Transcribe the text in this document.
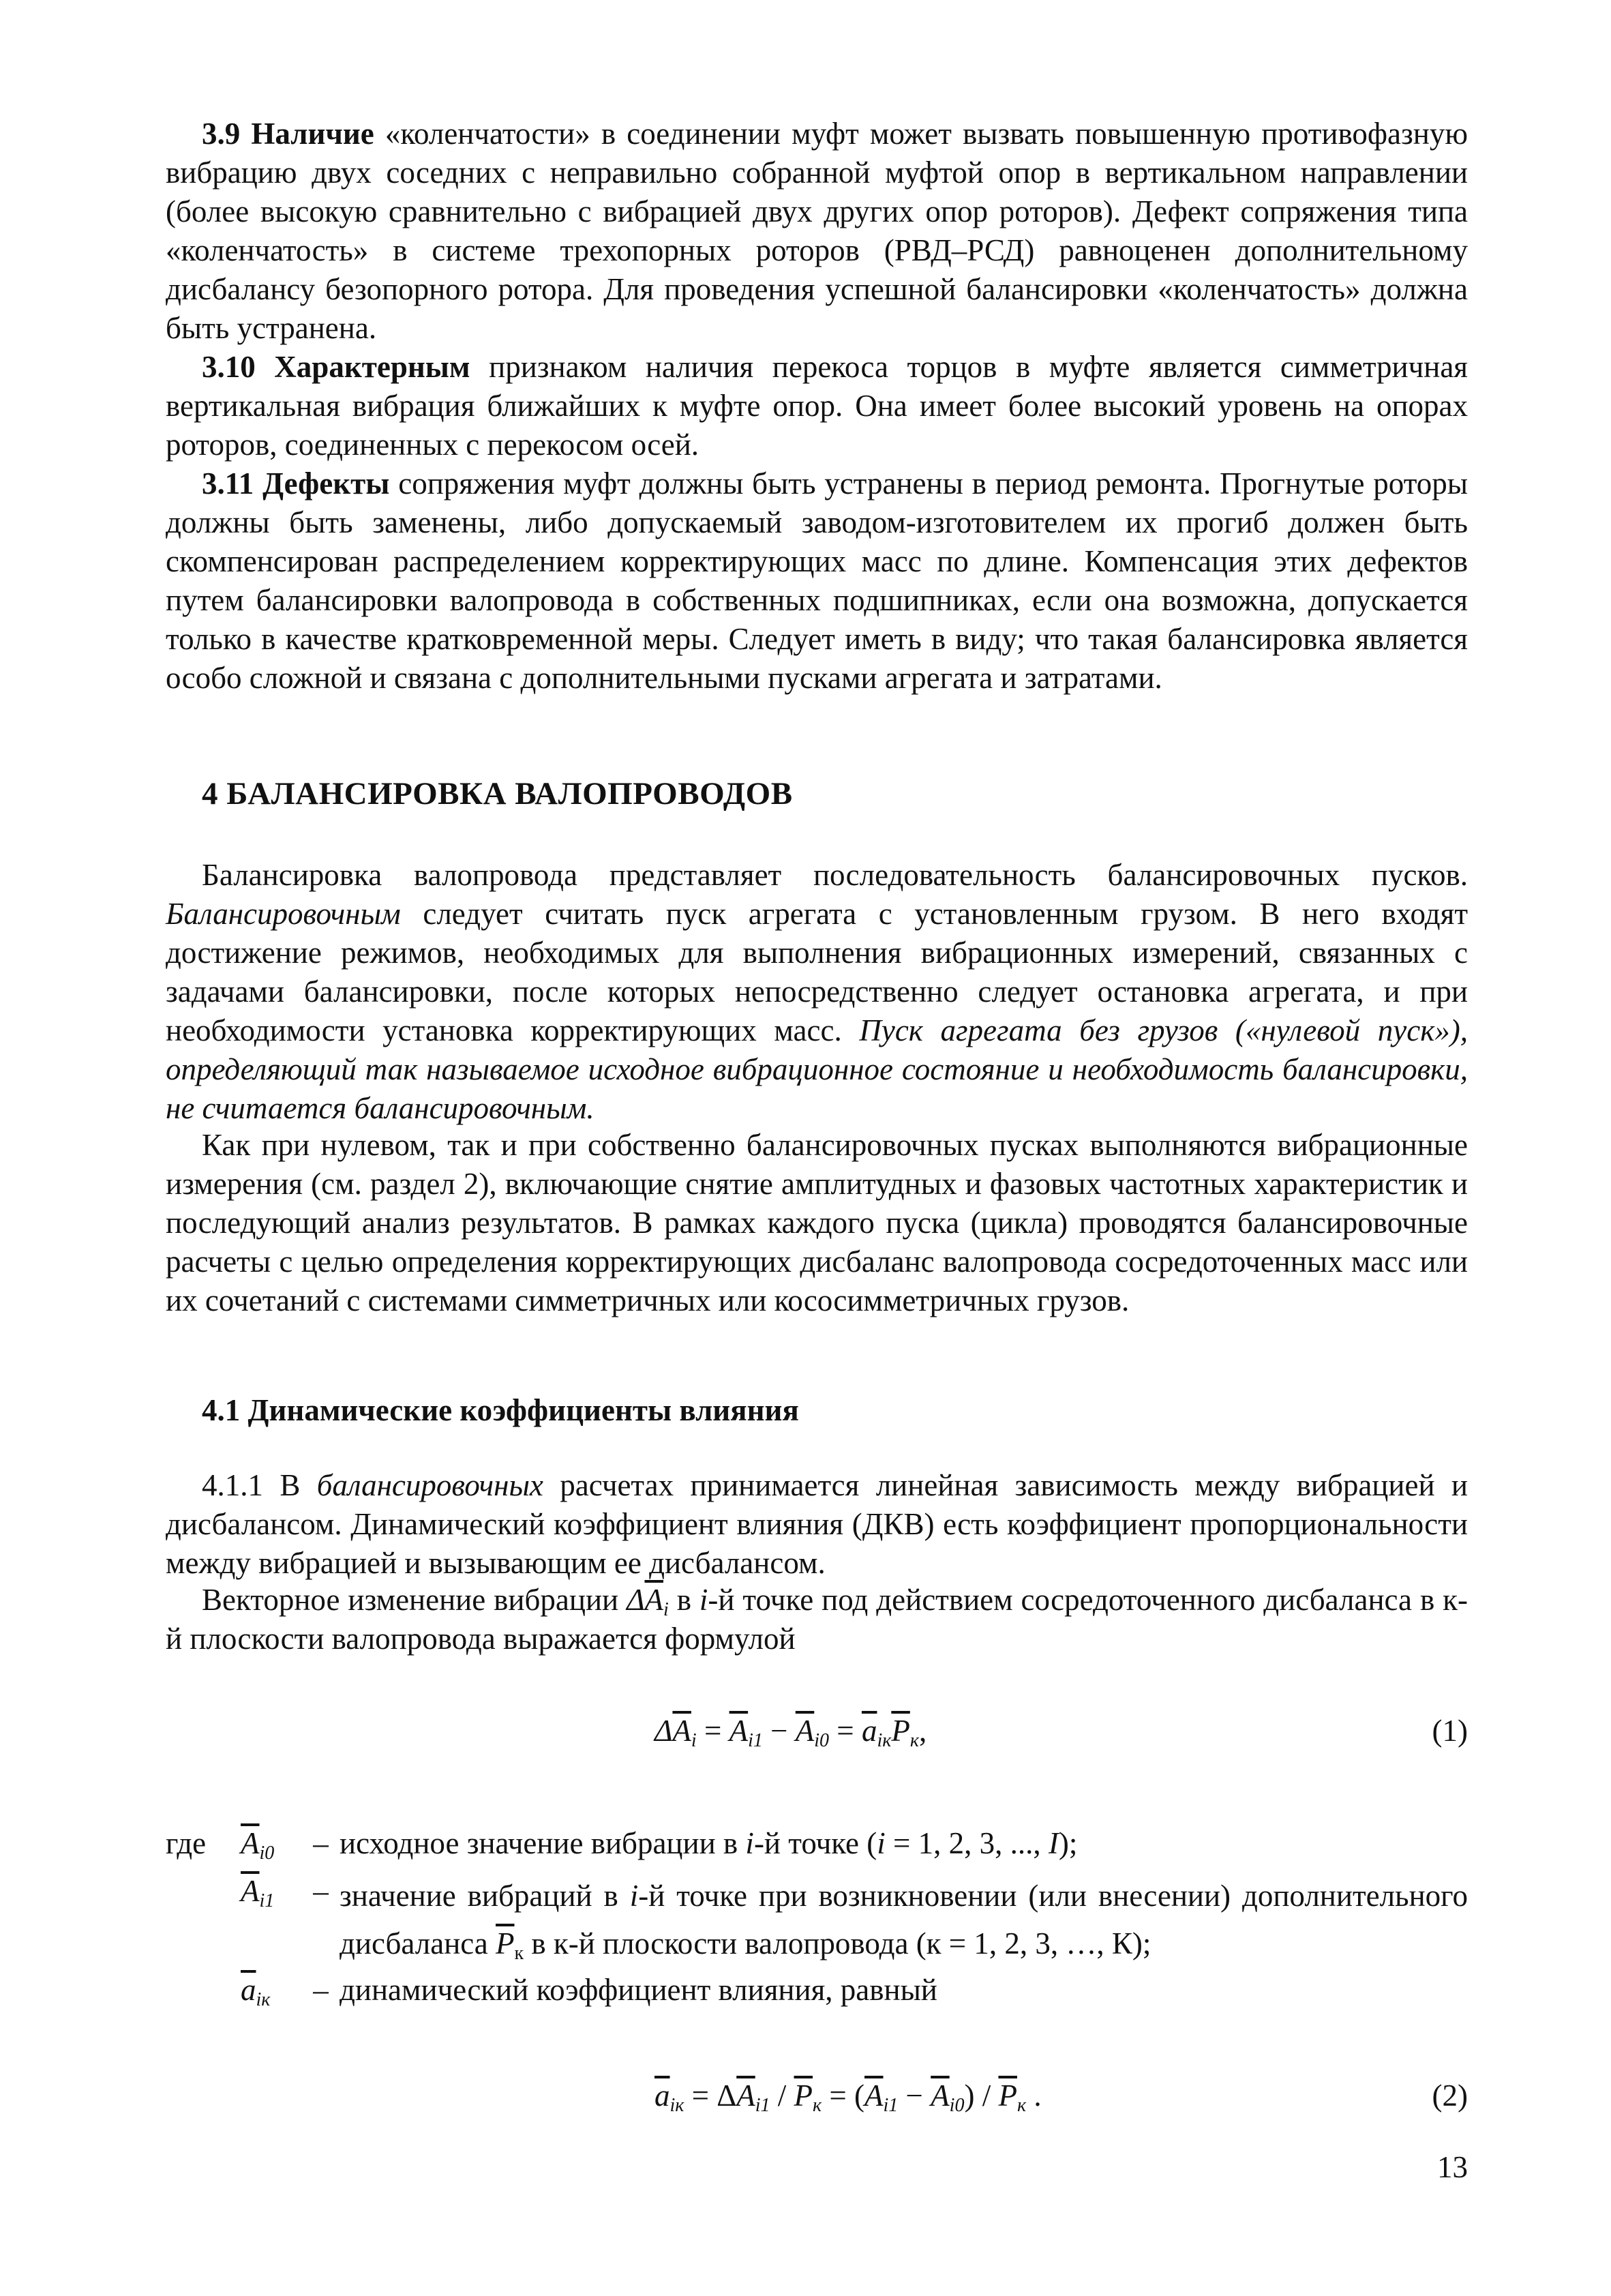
3.9 Наличие «коленчатости» в соединении муфт может вызвать повышенную противофазную вибрацию двух соседних с неправильно собранной муфтой опор в вертикальном направлении (более высокую сравнительно с вибрацией двух других опор роторов). Дефект сопряжения типа «коленчатость» в системе трехопорных роторов (РВД–РСД) равноценен дополнительному дисбалансу безопорного ротора. Для проведения успешной балансировки «коленчатость» должна быть устранена.

3.10 Характерным признаком наличия перекоса торцов в муфте является симметричная вертикальная вибрация ближайших к муфте опор. Она имеет более высокий уровень на опорах роторов, соединенных с перекосом осей.

3.11 Дефекты сопряжения муфт должны быть устранены в период ремонта. Прогнутые роторы должны быть заменены, либо допускаемый заводом-изготовителем их прогиб должен быть скомпенсирован распределением корректирующих масс по длине. Компенсация этих дефектов путем балансировки валопровода в собственных подшипниках, если она возможна, допускается только в качестве кратковременной меры. Следует иметь в виду; что такая балансировка является особо сложной и связана с дополнительными пусками агрегата и затратами.

4 БАЛАНСИРОВКА ВАЛОПРОВОДОВ

Балансировка валопровода представляет последовательность балансировочных пусков. Балансировочным следует считать пуск агрегата с установленным грузом. В него входят достижение режимов, необходимых для выполнения вибрационных измерений, связанных с задачами балансировки, после которых непосредственно следует остановка агрегата, и при необходимости установка корректирующих масс. Пуск агрегата без грузов («нулевой пуск»), определяющий так называемое исходное вибрационное состояние и необходимость балансировки, не считается балансировочным.

Как при нулевом, так и при собственно балансировочных пусках выполняются вибрационные измерения (см. раздел 2), включающие снятие амплитудных и фазовых частотных характеристик и последующий анализ результатов. В рамках каждого пуска (цикла) проводятся балансировочные расчеты с целью определения корректирующих дисбаланс валопровода сосредоточенных масс или их сочетаний с системами симметричных или кососимметричных грузов.

4.1 Динамические коэффициенты влияния

4.1.1 В балансировочных расчетах принимается линейная зависимость между вибрацией и дисбалансом. Динамический коэффициент влияния (ДКВ) есть коэффициент пропорциональности между вибрацией и вызывающим ее дисбалансом.

Векторное изменение вибрации $\Delta\overline{A}_i$ в i-й точке под действием сосредоточенного дисбаланса в к-й плоскости валопровода выражается формулой

$\Delta\overline{A}_i = \overline{A}_{i1} - \overline{A}_{i0} = \overline{a}_{iк}\overline{P}_к$,	(1)
где	$\overline{A}_{i0}$	– исходное значение вибрации в i-й точке (i = 1, 2, 3, ..., I);
$\overline{A}_{i1}$	– значение вибраций в i-й точке при возникновении (или внесении) дополнительного дисбаланса $\overline{P}_к$ в к-й плоскости валопровода (к = 1, 2, 3, …, К);
$\overline{a}_{iк}$	– динамический коэффициент влияния, равный
$\overline{a}_{iк} = \Delta\overline{A}_{i1} / \overline{P}_к = (\overline{A}_{i1} - \overline{A}_{i0}) / \overline{P}_к$ .	(2)
13
